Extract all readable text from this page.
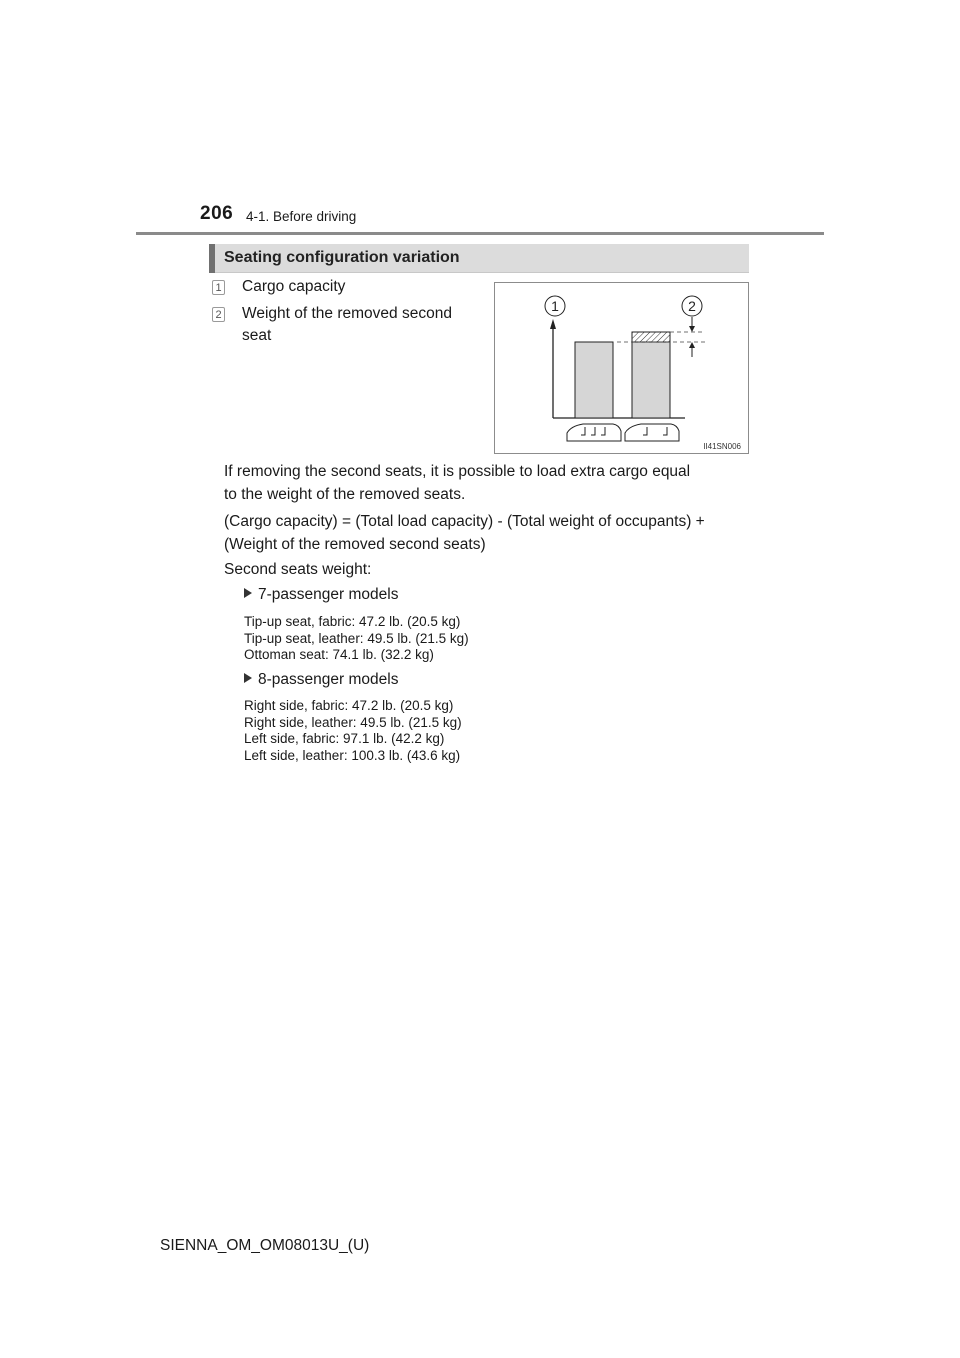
206 4-1. Before driving
Seating configuration variation
1 Cargo capacity
2 Weight of the removed second
seat
1	2
II41SN006
If removing the second seats, it is possible to load extra cargo equal
to the weight of the removed seats.
(Cargo capacity) = (Total load capacity) - (Total weight of occupants) +
(Weight of the removed second seats)
Second seats weight:
7-passenger models
Tip-up seat, fabric: 47.2 lb. (20.5 kg)
Tip-up seat, leather: 49.5 lb. (21.5 kg)
Ottoman seat: 74.1 lb. (32.2 kg)
8-passenger models
Right side, fabric: 47.2 lb. (20.5 kg)
Right side, leather: 49.5 lb. (21.5 kg)
Left side, fabric: 97.1 lb. (42.2 kg)
Left side, leather: 100.3 lb. (43.6 kg)
SIENNA_OM_OM08013U_(U)
